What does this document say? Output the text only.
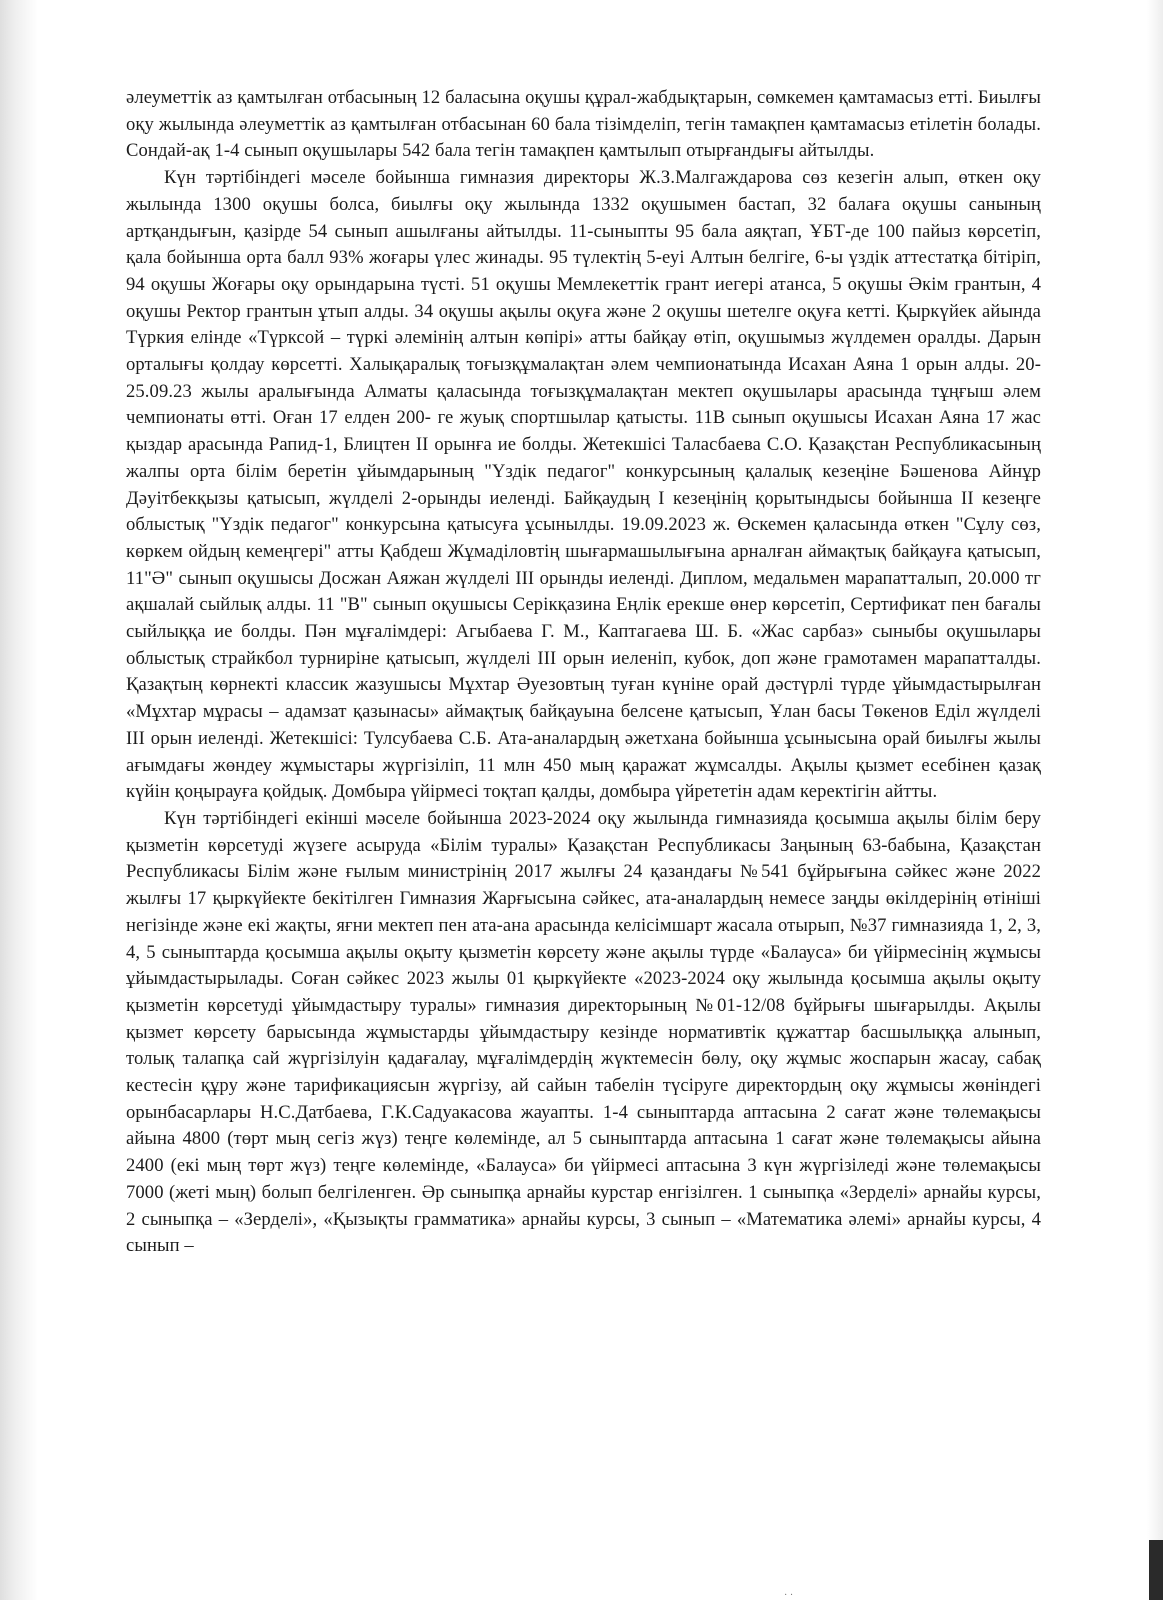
әлеуметтік аз қамтылған отбасының 12 баласына оқушы құрал-жабдықтарын, сөмкемен қамтамасыз етті. Биылғы оқу жылында әлеуметтік аз қамтылған отбасынан 60 бала тізімделіп, тегін тамақпен қамтамасыз етілетін болады. Сондай-ақ 1-4 сынып оқушылары 542 бала тегін тамақпен қамтылып отырғандығы айтылды.

Күн тәртібіндегі мәселе бойынша гимназия директоры Ж.З.Малгаждарова сөз кезегін алып, өткен оқу жылында 1300 оқушы болса, биылғы оқу жылында 1332 оқушымен бастап, 32 балаға оқушы санының артқандығын, қазірде 54 сынып ашылғаны айтылды. 11-сыныпты 95 бала аяқтап, ҰБТ-де 100 пайыз көрсетіп, қала бойынша орта балл 93% жоғары үлес жинады. 95 түлектің 5-еуі Алтын белгіге, 6-ы үздік аттестатқа бітіріп, 94 оқушы Жоғары оқу орындарына түсті. 51 оқушы Мемлекеттік грант иегері атанса, 5 оқушы Әкім грантын, 4 оқушы Ректор грантын ұтып алды. 34 оқушы ақылы оқуға және 2 оқушы шетелге оқуға кетті. Қыркүйек айында Түркия елінде «Түрксой – түркі әлемінің алтын көпірі» атты байқау өтіп, оқушымыз жүлдемен оралды. Дарын орталығы қолдау көрсетті. Халықаралық тоғызқұмалақтан әлем чемпионатында Исахан Аяна 1 орын алды. 20-25.09.23 жылы аралығында Алматы қаласында тоғызқұмалақтан мектеп оқушылары арасында тұңғыш әлем чемпионаты өтті. Оған 17 елден 200- ге жуық спортшылар қатысты. 11В сынып оқушысы Исахан Аяна 17 жас қыздар арасында Рапид-1, Блицтен II орынға ие болды. Жетекшісі Таласбаева С.О. Қазақстан Республикасының жалпы орта білім беретін ұйымдарының "Үздік педагог" конкурсының қалалық кезеңіне Бәшенова Айнұр Дәуітбекқызы қатысып, жүлделі 2-орынды иеленді. Байқаудың I кезеңінің қорытындысы бойынша II кезеңге облыстық "Үздік педагог" конкурсына қатысуға ұсынылды. 19.09.2023 ж. Өскемен қаласында өткен "Сұлу сөз, көркем ойдың кемеңгері" атты Қабдеш Жұмаділовтің шығармашылығына арналған аймақтық байқауға қатысып, 11"Ә" сынып оқушысы Досжан Аяжан жүлделі III орынды иеленді. Диплом, медальмен марапатталып, 20.000 тг ақшалай сыйлық алды. 11 "В" сынып оқушысы Серікқазина Еңлік ерекше өнер көрсетіп, Сертификат пен бағалы сыйлыққа ие болды. Пән мұғалімдері: Агыбаева Г. М., Каптагаева Ш. Б. «Жас сарбаз» сыныбы оқушылары облыстық страйкбол турниріне қатысып, жүлделі III орын иеленіп, кубок, доп және грамотамен марапатталды. Қазақтың көрнекті классик жазушысы Мұхтар Әуезовтың туған күніне орай дәстүрлі түрде ұйымдастырылған «Мұхтар мұрасы – адамзат қазынасы» аймақтық байқауына белсене қатысып, Ұлан басы Төкенов Еділ жүлделі III орын иеленді. Жетекшісі: Тулсубаева С.Б. Ата-аналардың әжетхана бойынша ұсынысына орай биылғы жылы ағымдағы жөндеу жұмыстары жүргізіліп, 11 млн 450 мың қаражат жұмсалды. Ақылы қызмет есебінен қазақ күйін қоңырауға қойдық. Домбыра үйірмесі тоқтап қалды, домбыра үйрететін адам керектігін айтты.

Күн тәртібіндегі екінші мәселе бойынша 2023-2024 оқу жылында гимназияда қосымша ақылы білім беру қызметін көрсетуді жүзеге асыруда «Білім туралы» Қазақстан Республикасы Заңының 63-бабына, Қазақстан Республикасы Білім және ғылым министрінің 2017 жылғы 24 қазандағы №541 бұйрығына сәйкес және 2022 жылғы 17 қыркүйекте бекітілген Гимназия Жарғысына сәйкес, ата-аналардың немесе заңды өкілдерінің өтініші негізінде және екі жақты, яғни мектеп пен ата-ана арасында келісімшарт жасала отырып, №37 гимназияда 1, 2, 3, 4, 5 сыныптарда қосымша ақылы оқыту қызметін көрсету және ақылы түрде «Балауса» би үйірмесінің жұмысы ұйымдастырылады. Соған сәйкес 2023 жылы 01 қыркүйекте «2023-2024 оқу жылында қосымша ақылы оқыту қызметін көрсетуді ұйымдастыру туралы» гимназия директорының №01-12/08 бұйрығы шығарылды. Ақылы қызмет көрсету барысында жұмыстарды ұйымдастыру кезінде нормативтік құжаттар басшылыққа алынып, толық талапқа сай жүргізілуін қадағалау, мұғалімдердің жүктемесін бөлу, оқу жұмыс жоспарын жасау, сабақ кестесін құру және тарификациясын жүргізу, ай сайын табелін түсіруге директордың оқу жұмысы жөніндегі орынбасарлары Н.С.Датбаева, Г.К.Садуакасова жауапты. 1-4 сыныптарда аптасына 2 сағат және төлемақысы айына 4800 (төрт мың сегіз жүз) теңге көлемінде, ал 5 сыныптарда аптасына 1 сағат және төлемақысы айына 2400 (екі мың төрт жүз) теңге көлемінде, «Балауса» би үйірмесі аптасына 3 күн жүргізіледі және төлемақысы 7000 (жеті мың) болып белгіленген. Әр сыныпқа арнайы курстар енгізілген. 1 сыныпқа «Зерделі» арнайы курсы, 2 сыныпқа – «Зерделі», «Қызықты грамматика» арнайы курсы, 3 сынып – «Математика әлемі» арнайы курсы, 4 сынып –

· ·
